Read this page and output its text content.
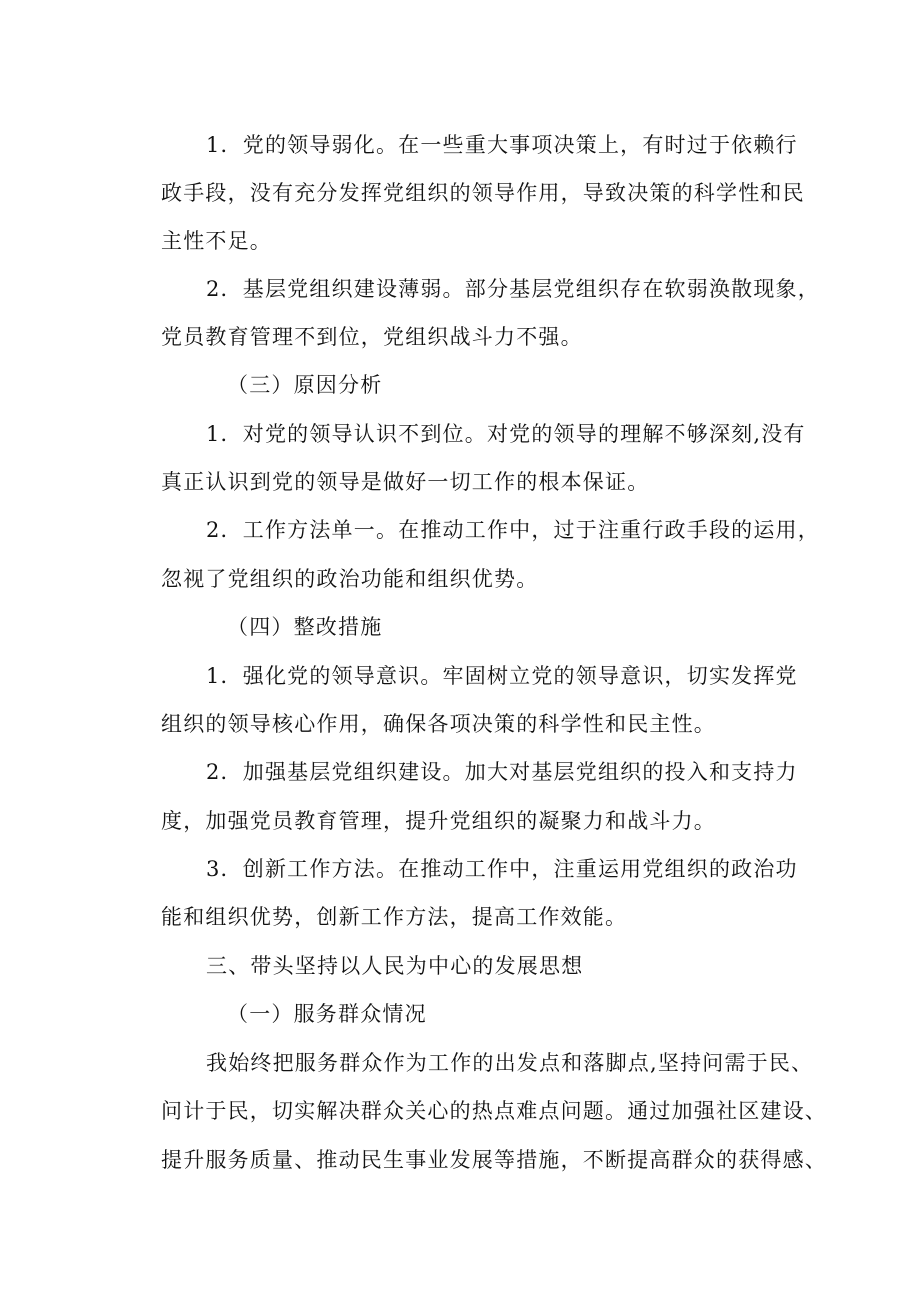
1．党的领导弱化。在一些重大事项决策上，有时过于依赖行
政手段，没有充分发挥党组织的领导作用，导致决策的科学性和民
主性不足。
2．基层党组织建设薄弱。部分基层党组织存在软弱涣散现象，
党员教育管理不到位，党组织战斗力不强。
（三）原因分析
1．对党的领导认识不到位。对党的领导的理解不够深刻,没有
真正认识到党的领导是做好一切工作的根本保证。
2．工作方法单一。在推动工作中，过于注重行政手段的运用，
忽视了党组织的政治功能和组织优势。
（四）整改措施
1．强化党的领导意识。牢固树立党的领导意识，切实发挥党
组织的领导核心作用，确保各项决策的科学性和民主性。
2．加强基层党组织建设。加大对基层党组织的投入和支持力
度，加强党员教育管理，提升党组织的凝聚力和战斗力。
3．创新工作方法。在推动工作中，注重运用党组织的政治功
能和组织优势，创新工作方法，提高工作效能。
三、带头坚持以人民为中心的发展思想
（一）服务群众情况
我始终把服务群众作为工作的出发点和落脚点,坚持问需于民、
问计于民，切实解决群众关心的热点难点问题。通过加强社区建设、
提升服务质量、推动民生事业发展等措施，不断提高群众的获得感、
